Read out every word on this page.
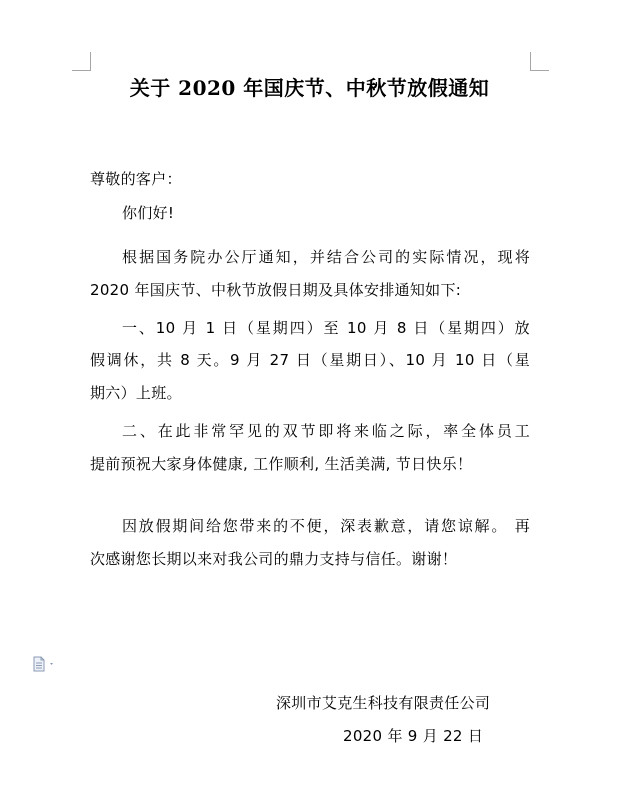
关于 2020 年国庆节、中秋节放假通知
尊敬的客户：
你们好!
根据国务院办公厅通知，并结合公司的实际情况，现将
2020 年国庆节、中秋节放假日期及具体安排通知如下:
一、10 月 1 日（星期四）至 10 月 8 日（星期四）放
假调休，共 8 天。9 月 27 日（星期日）、10 月 10 日（星
期六）上班。
二、在此非常罕见的双节即将来临之际，率全体员工
提前预祝大家身体健康, 工作顺利, 生活美满, 节日快乐！
因放假期间给您带来的不便，深表歉意，请您谅解。 再
次感谢您长期以来对我公司的鼎力支持与信任。谢谢！
深圳市艾克生科技有限责任公司
2020 年 9 月 22 日
